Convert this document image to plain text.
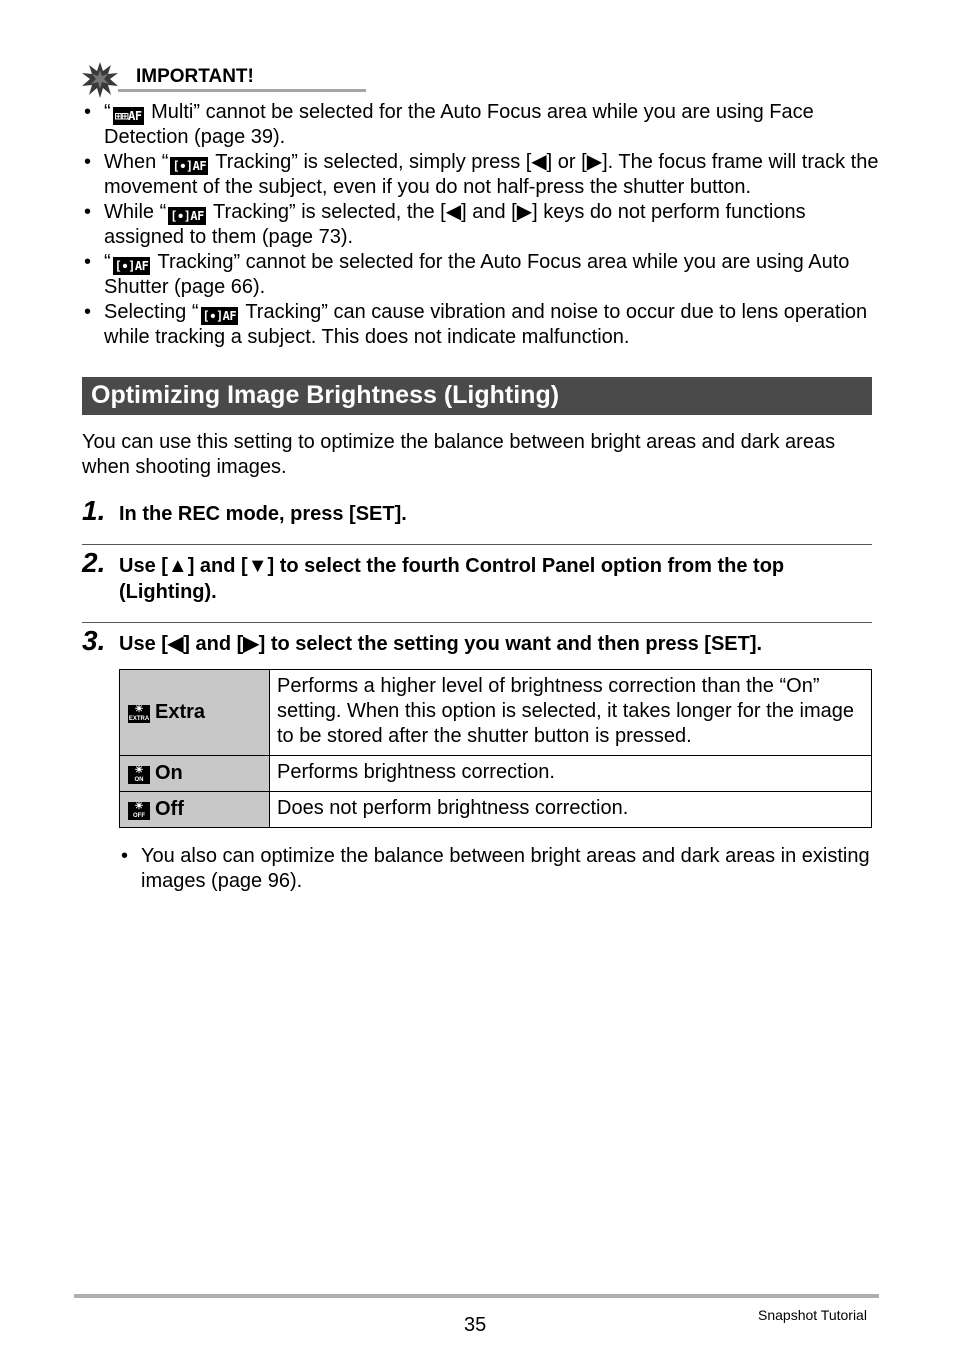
IMPORTANT!
• “ ⊞⊞AF Multi” cannot be selected for the Auto Focus area while you are using Face Detection (page 39).
• When “ [∙]AF Tracking” is selected, simply press [◀] or [▶]. The focus frame will track the movement of the subject, even if you do not half-press the shutter button.
• While “ [∙]AF Tracking” is selected, the [◀] and [▶] keys do not perform functions assigned to them (page 73).
• “ [∙]AF Tracking” cannot be selected for the Auto Focus area while you are using Auto Shutter (page 66).
• Selecting “ [∙]AF Tracking” can cause vibration and noise to occur due to lens operation while tracking a subject. This does not indicate malfunction.
Optimizing Image Brightness (Lighting)
You can use this setting to optimize the balance between bright areas and dark areas when shooting images.
1. In the REC mode, press [SET].
2. Use [▲] and [▼] to select the fourth Control Panel option from the top (Lighting).
3. Use [◀] and [▶] to select the setting you want and then press [SET].
☀
EXTRA Extra	Performs a higher level of brightness correction than the “On” setting. When this option is selected, it takes longer for the image to be stored after the shutter button is pressed.

☀
ON On	Performs brightness correction.

☀
OFF Off	Does not perform brightness correction.
• You also can optimize the balance between bright areas and dark areas in existing images (page 96).
35	Snapshot Tutorial
